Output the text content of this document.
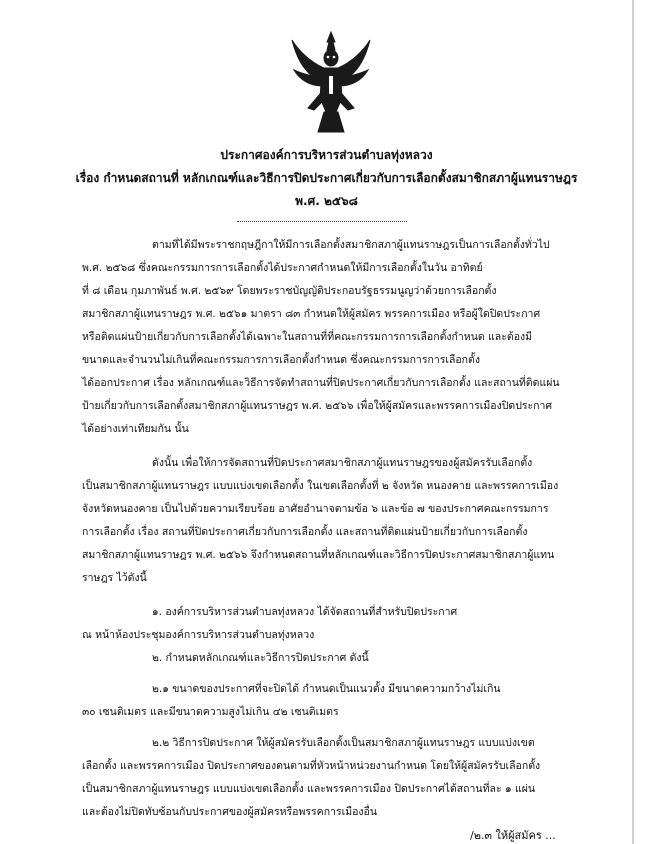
ประกาศองค์การบริหารส่วนตำบลทุ่งหลวง
เรื่อง กำหนดสถานที่ หลักเกณฑ์และวิธีการปิดประกาศเกี่ยวกับการเลือกตั้งสมาชิกสภาผู้แทนราษฎร
พ.ศ. ๒๕๖๘
ตามที่ได้มีพระราชกฤษฎีกาให้มีการเลือกตั้งสมาชิกสภาผู้แทนราษฎรเป็นการเลือกตั้งทั่วไป
พ.ศ. ๒๕๖๘ ซึ่งคณะกรรมการการเลือกตั้งได้ประกาศกำหนดให้มีการเลือกตั้งในวัน อาทิตย์
ที่ ๘ เดือน กุมภาพันธ์ พ.ศ. ๒๕๖๙ โดยพระราชบัญญัติประกอบรัฐธรรมนูญว่าด้วยการเลือกตั้ง
สมาชิกสภาผู้แทนราษฎร พ.ศ. ๒๕๖๑ มาตรา ๘๓ กำหนดให้ผู้สมัคร พรรคการเมือง หรือผู้ใดปิดประกาศ
หรือติดแผ่นป้ายเกี่ยวกับการเลือกตั้งได้เฉพาะในสถานที่ที่คณะกรรมการการเลือกตั้งกำหนด และต้องมี
ขนาดและจำนวนไม่เกินที่คณะกรรมการการเลือกตั้งกำหนด ซึ่งคณะกรรมการการเลือกตั้ง
ได้ออกประกาศ เรื่อง หลักเกณฑ์และวิธีการจัดทำสถานที่ปิดประกาศเกี่ยวกับการเลือกตั้ง และสถานที่ติดแผ่น
ป้ายเกี่ยวกับการเลือกตั้งสมาชิกสภาผู้แทนราษฎร พ.ศ. ๒๕๖๖ เพื่อให้ผู้สมัครและพรรคการเมืองปิดประกาศ
ได้อย่างเท่าเทียมกัน นั้น
ดังนั้น เพื่อให้การจัดสถานที่ปิดประกาศสมาชิกสภาผู้แทนราษฎรของผู้สมัครรับเลือกตั้ง
เป็นสมาชิกสภาผู้แทนราษฎร แบบแบ่งเขตเลือกตั้ง ในเขตเลือกตั้งที่ ๒ จังหวัด หนองคาย และพรรคการเมือง
จังหวัดหนองคาย เป็นไปด้วยความเรียบร้อย อาศัยอำนาจตามข้อ ๖ และข้อ ๗ ของประกาศคณะกรรมการ
การเลือกตั้ง เรื่อง สถานที่ปิดประกาศเกี่ยวกับการเลือกตั้ง และสถานที่ติดแผ่นป้ายเกี่ยวกับการเลือกตั้ง
สมาชิกสภาผู้แทนราษฎร พ.ศ. ๒๕๖๖ จึงกำหนดสถานที่หลักเกณฑ์และวิธีการปิดประกาศสมาชิกสภาผู้แทน
ราษฎร ไว้ดังนี้
๑. องค์การบริหารส่วนตำบลทุ่งหลวง ได้จัดสถานที่สำหรับปิดประกาศ
ณ หน้าห้องประชุมองค์การบริหารส่วนตำบลทุ่งหลวง
๒. กำหนดหลักเกณฑ์และวิธีการปิดประกาศ ดังนี้
๒.๑ ขนาดของประกาศที่จะปิดได้ กำหนดเป็นแนวตั้ง มีขนาดความกว้างไม่เกิน
๓๐ เซนติเมตร และมีขนาดความสูงไม่เกิน ๔๒ เซนติเมตร
๒.๒ วิธีการปิดประกาศ ให้ผู้สมัครรับเลือกตั้งเป็นสมาชิกสภาผู้แทนราษฎร แบบแบ่งเขต
เลือกตั้ง และพรรคการเมือง ปิดประกาศของตนตามที่หัวหน้าหน่วยงานกำหนด โดยให้ผู้สมัครรับเลือกตั้ง
เป็นสมาชิกสภาผู้แทนราษฎร แบบแบ่งเขตเลือกตั้ง และพรรคการเมือง ปิดประกาศได้สถานที่ละ ๑ แผ่น
และต้องไม่ปิดทับซ้อนกับประกาศของผู้สมัครหรือพรรคการเมืองอื่น
/๒.๓ ให้ผู้สมัคร ...
